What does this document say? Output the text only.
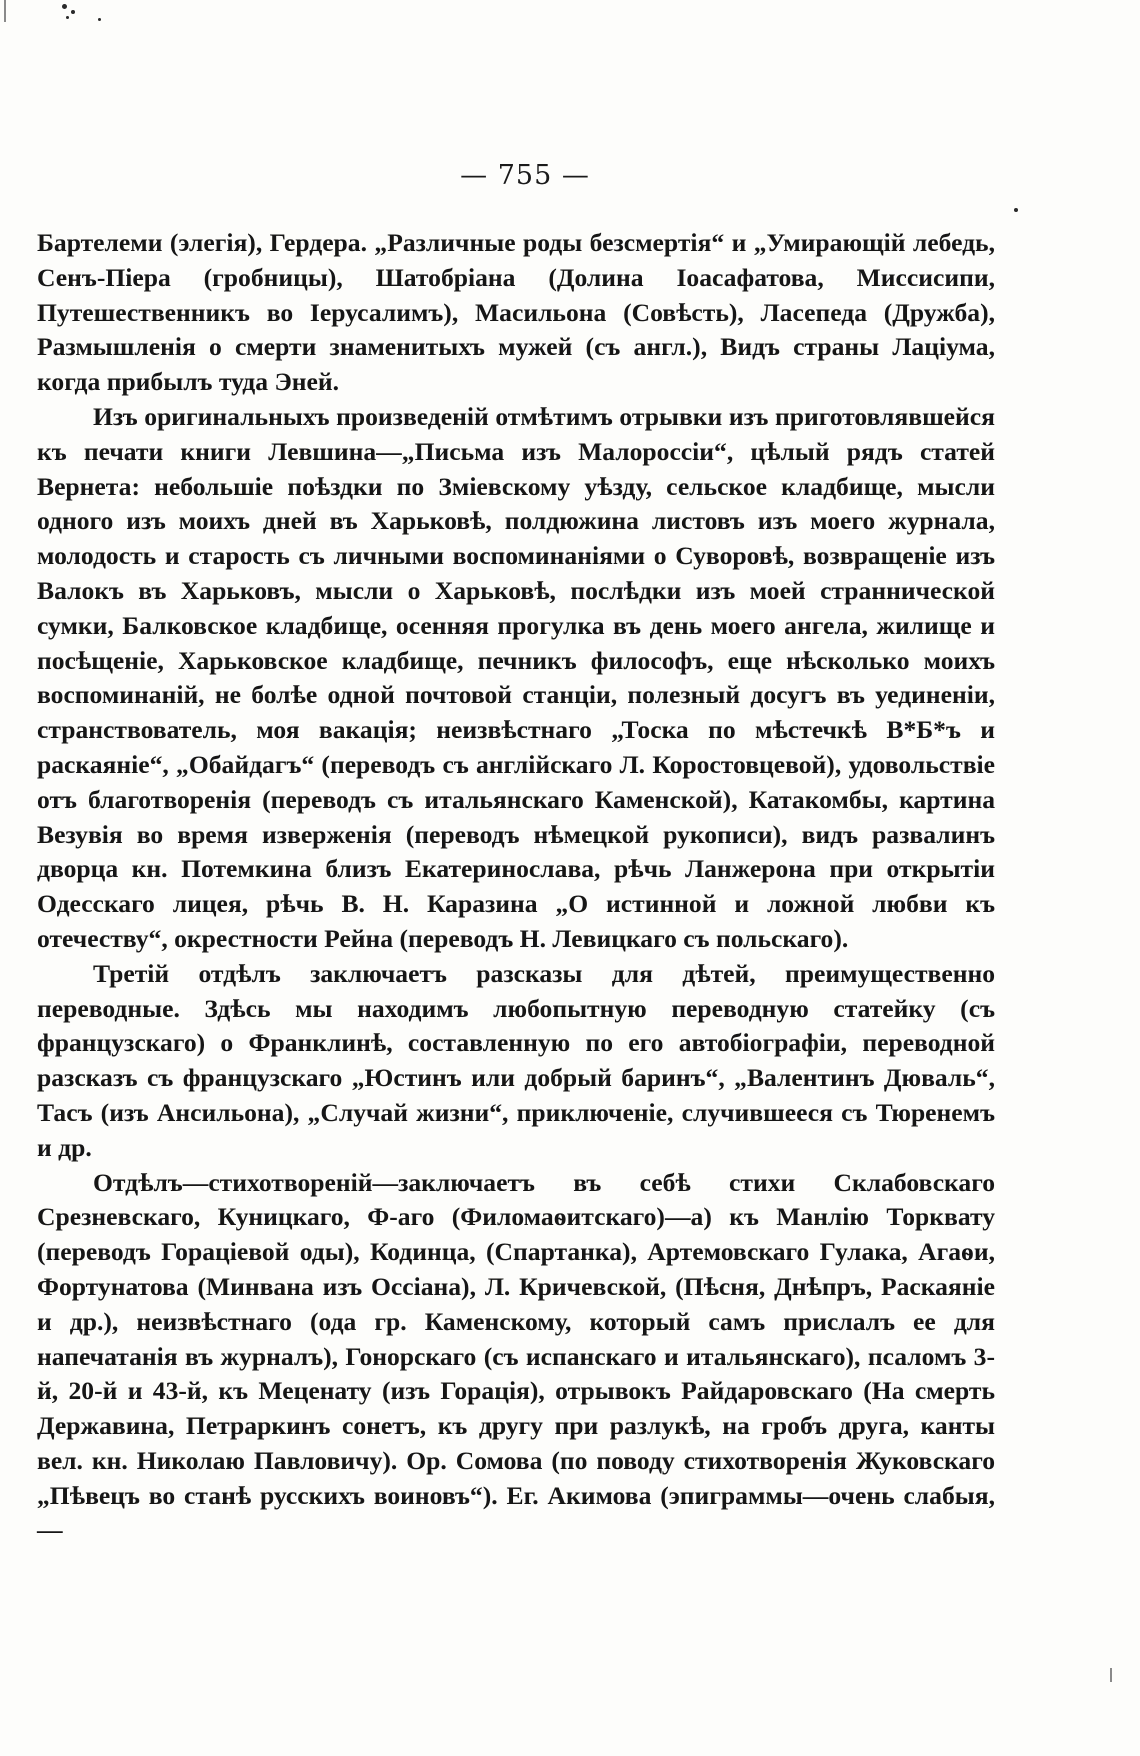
— 755 —

Бартелеми (элегія), Гердера. „Различные роды безсмертія“ и „Умирающій лебедь, Сенъ-Піера (гробницы), Шатобріана (Долина Іоасафатова, Миссисипи, Путешественникъ во Іерусалимъ), Масильона (Совѣсть), Ласепеда (Дружба), Размышленія о смерти знаменитыхъ мужей (съ англ.), Видъ страны Лаціума, когда прибылъ туда Эней.

Изъ оригинальныхъ произведеній отмѣтимъ отрывки изъ приготовлявшейся къ печати книги Левшина—„Письма изъ Малороссіи“, цѣлый рядъ статей Вернета: небольшіе поѣздки по Зміевскому уѣзду, сельское кладбище, мысли одного изъ моихъ дней въ Харьковѣ, полдюжина листовъ изъ моего журнала, молодость и старость съ личными воспоминаніями о Суворовѣ, возвращеніе изъ Валокъ въ Харьковъ, мысли о Харьковѣ, послѣдки изъ моей страннической сумки, Балковское кладбище, осенняя прогулка въ день моего ангела, жилище и посѣщеніе, Харьковское кладбище, печникъ философъ, еще нѣсколько моихъ воспоминаній, не болѣе одной почтовой станціи, полезный досугъ въ уединеніи, странствователь, моя вакація; неизвѣстнаго „Тоска по мѣстечкѣ В*Б*ъ и раскаяніе“, „Обайдагъ“ (переводъ съ англійскаго Л. Коростовцевой), удовольствіе отъ благотворенія (переводъ съ итальянскаго Каменской), Катакомбы, картина Везувія во время изверженія (переводъ нѣмецкой рукописи), видъ развалинъ дворца кн. Потемкина близъ Екатеринослава, рѣчь Ланжерона при открытіи Одесскаго лицея, рѣчь В. Н. Каразина „О истинной и ложной любви къ отечеству“, окрестности Рейна (переводъ Н. Левицкаго съ польскаго).

Третій отдѣлъ заключаетъ разсказы для дѣтей, преимущественно переводные. Здѣсь мы находимъ любопытную переводную статейку (съ французскаго) о Франклинѣ, составленную по его автобіографіи, переводной разсказъ съ французскаго „Юстинъ или добрый баринъ“, „Валентинъ Дюваль“, Тасъ (изъ Ансильона), „Случай жизни“, приключеніе, случившееся съ Тюренемъ и др.

Отдѣлъ—стихотвореній—заключаетъ въ себѣ стихи Склабовскаго Срезневскаго, Куницкаго, Ф-аго (Филомаѳитскаго)—а) къ Манлію Торквату (переводъ Гораціевой оды), Кодинца, (Спартанка), Артемовскаго Гулака, Агаѳи, Фортунатова (Минвана изъ Оссіана), Л. Кричевской, (Пѣсня, Днѣпръ, Раскаяніе и др.), неизвѣстнаго (ода гр. Каменскому, который самъ прислалъ ее для напечатанія въ журналъ), Гонорскаго (съ испанскаго и итальянскаго), псаломъ 3-й, 20-й и 43-й, къ Меценату (изъ Горація), отрывокъ Райдаровскаго (На смерть Державина, Петраркинъ сонетъ, къ другу при разлукѣ, на гробъ друга, канты вел. кн. Николаю Павловичу). Ор. Сомова (по поводу стихотворенія Жуковскаго „Пѣвецъ во станѣ русскихъ воиновъ“). Ег. Акимова (эпиграммы—очень слабыя,—
